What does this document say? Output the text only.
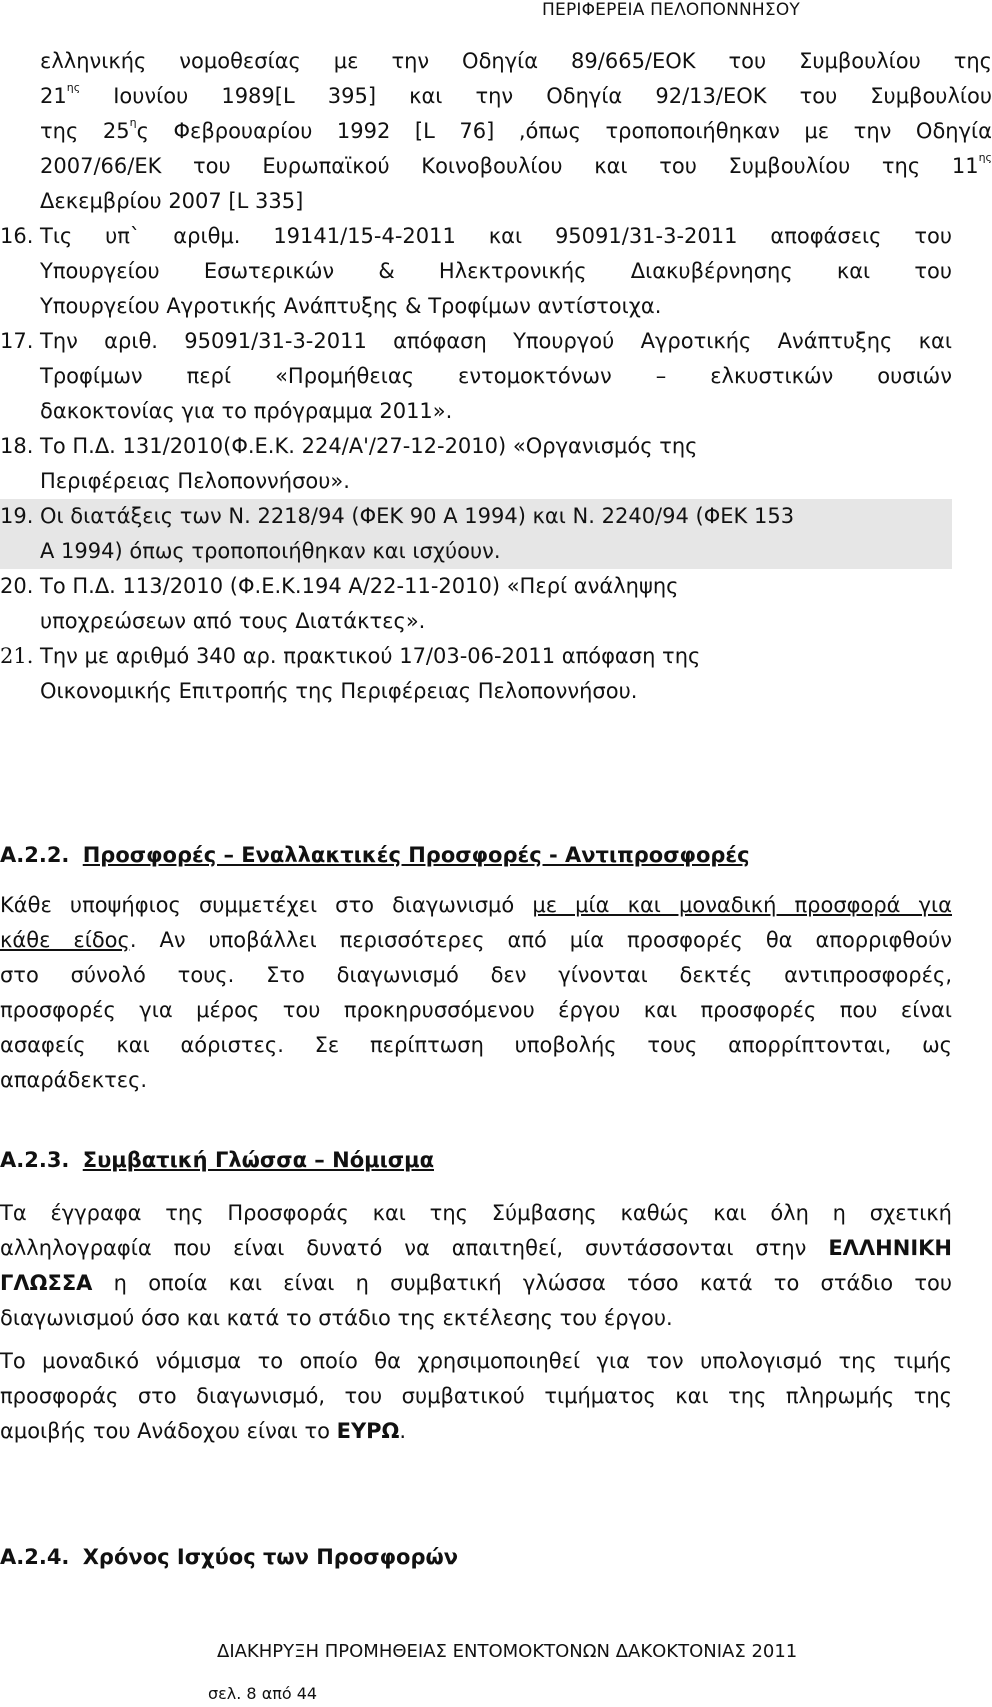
ΠΕΡΙΦΕΡΕΙΑ ΠΕΛΟΠΟΝΝΗΣΟΥ
ελληνικής νομοθεσίας με την Οδηγία 89/665/ΕΟΚ του Συμβουλίου της
$21^{\eta\varsigma}$ Ιουνίου 1989[L 395] και την Οδηγία 92/13/ΕΟΚ του Συμβουλίου
της $25^\eta\varsigma$ Φεβρουαρίου 1992 [L 76] ,όπως τροποποιήθηκαν με την Οδηγία
2007/66/ΕΚ του Ευρωπαϊκού Κοινοβουλίου και του Συμβουλίου της $11^{\eta\varsigma}$
Δεκεμβρίου 2007 [L 335]
16. Τις υπ` αριθμ. 19141/15-4-2011 και 95091/31-3-2011 αποφάσεις του
Υπουργείου Εσωτερικών & Ηλεκτρονικής Διακυβέρνησης και του
Υπουργείου Αγροτικής Ανάπτυξης & Τροφίμων αντίστοιχα.
17. Την αριθ. 95091/31-3-2011 απόφαση Υπουργού Αγροτικής Ανάπτυξης και
Τροφίμων περί «Προμήθειας εντομοκτόνων – ελκυστικών ουσιών
δακοκτονίας για το πρόγραμμα 2011».
18. Το Π.Δ. 131/2010(Φ.Ε.Κ. 224/Α'/27-12-2010) «Οργανισμός της
Περιφέρειας Πελοποννήσου».
19. Οι διατάξεις των Ν. 2218/94 (ΦΕΚ 90 Α 1994) και Ν. 2240/94 (ΦΕΚ 153
Α 1994) όπως τροποποιήθηκαν και ισχύουν.
20. Το Π.Δ. 113/2010 (Φ.Ε.Κ.194 Α/22-11-2010) «Περί ανάληψης
υποχρεώσεων από τους Διατάκτες».
21. Την με αριθμό 340 αρ. πρακτικού 17/03-06-2011 απόφαση της
Οικονομικής Επιτροπής της Περιφέρειας Πελοποννήσου.
Α.2.2. Προσφορές – Εναλλακτικές Προσφορές - Αντιπροσφορές
Κάθε υποψήφιος συμμετέχει στο διαγωνισμό με μία και μοναδική προσφορά για
κάθε είδος. Αν υποβάλλει περισσότερες από μία προσφορές θα απορριφθούν
στο σύνολό τους. Στο διαγωνισμό δεν γίνονται δεκτές αντιπροσφορές,
προσφορές για μέρος του προκηρυσσόμενου έργου και προσφορές που είναι
ασαφείς και αόριστες. Σε περίπτωση υποβολής τους απορρίπτονται, ως
απαράδεκτες.
Α.2.3. Συμβατική Γλώσσα – Νόμισμα
Τα έγγραφα της Προσφοράς και της Σύμβασης καθώς και όλη η σχετική
αλληλογραφία που είναι δυνατό να απαιτηθεί, συντάσσονται στην ΕΛΛΗΝΙΚΗ
ΓΛΩΣΣΑ η οποία και είναι η συμβατική γλώσσα τόσο κατά το στάδιο του
διαγωνισμού όσο και κατά το στάδιο της εκτέλεσης του έργου.
Το μοναδικό νόμισμα το οποίο θα χρησιμοποιηθεί για τον υπολογισμό της τιμής
προσφοράς στο διαγωνισμό, του συμβατικού τιμήματος και της πληρωμής της
αμοιβής του Ανάδοχου είναι το ΕΥΡΩ.
Α.2.4. Χρόνος Ισχύος των Προσφορών
ΔΙΑΚΗΡΥΞΗ ΠΡΟΜΗΘΕΙΑΣ ΕΝΤΟΜΟΚΤΟΝΩΝ ΔΑΚΟΚΤΟΝΙΑΣ 2011
σελ. 8 από 44
